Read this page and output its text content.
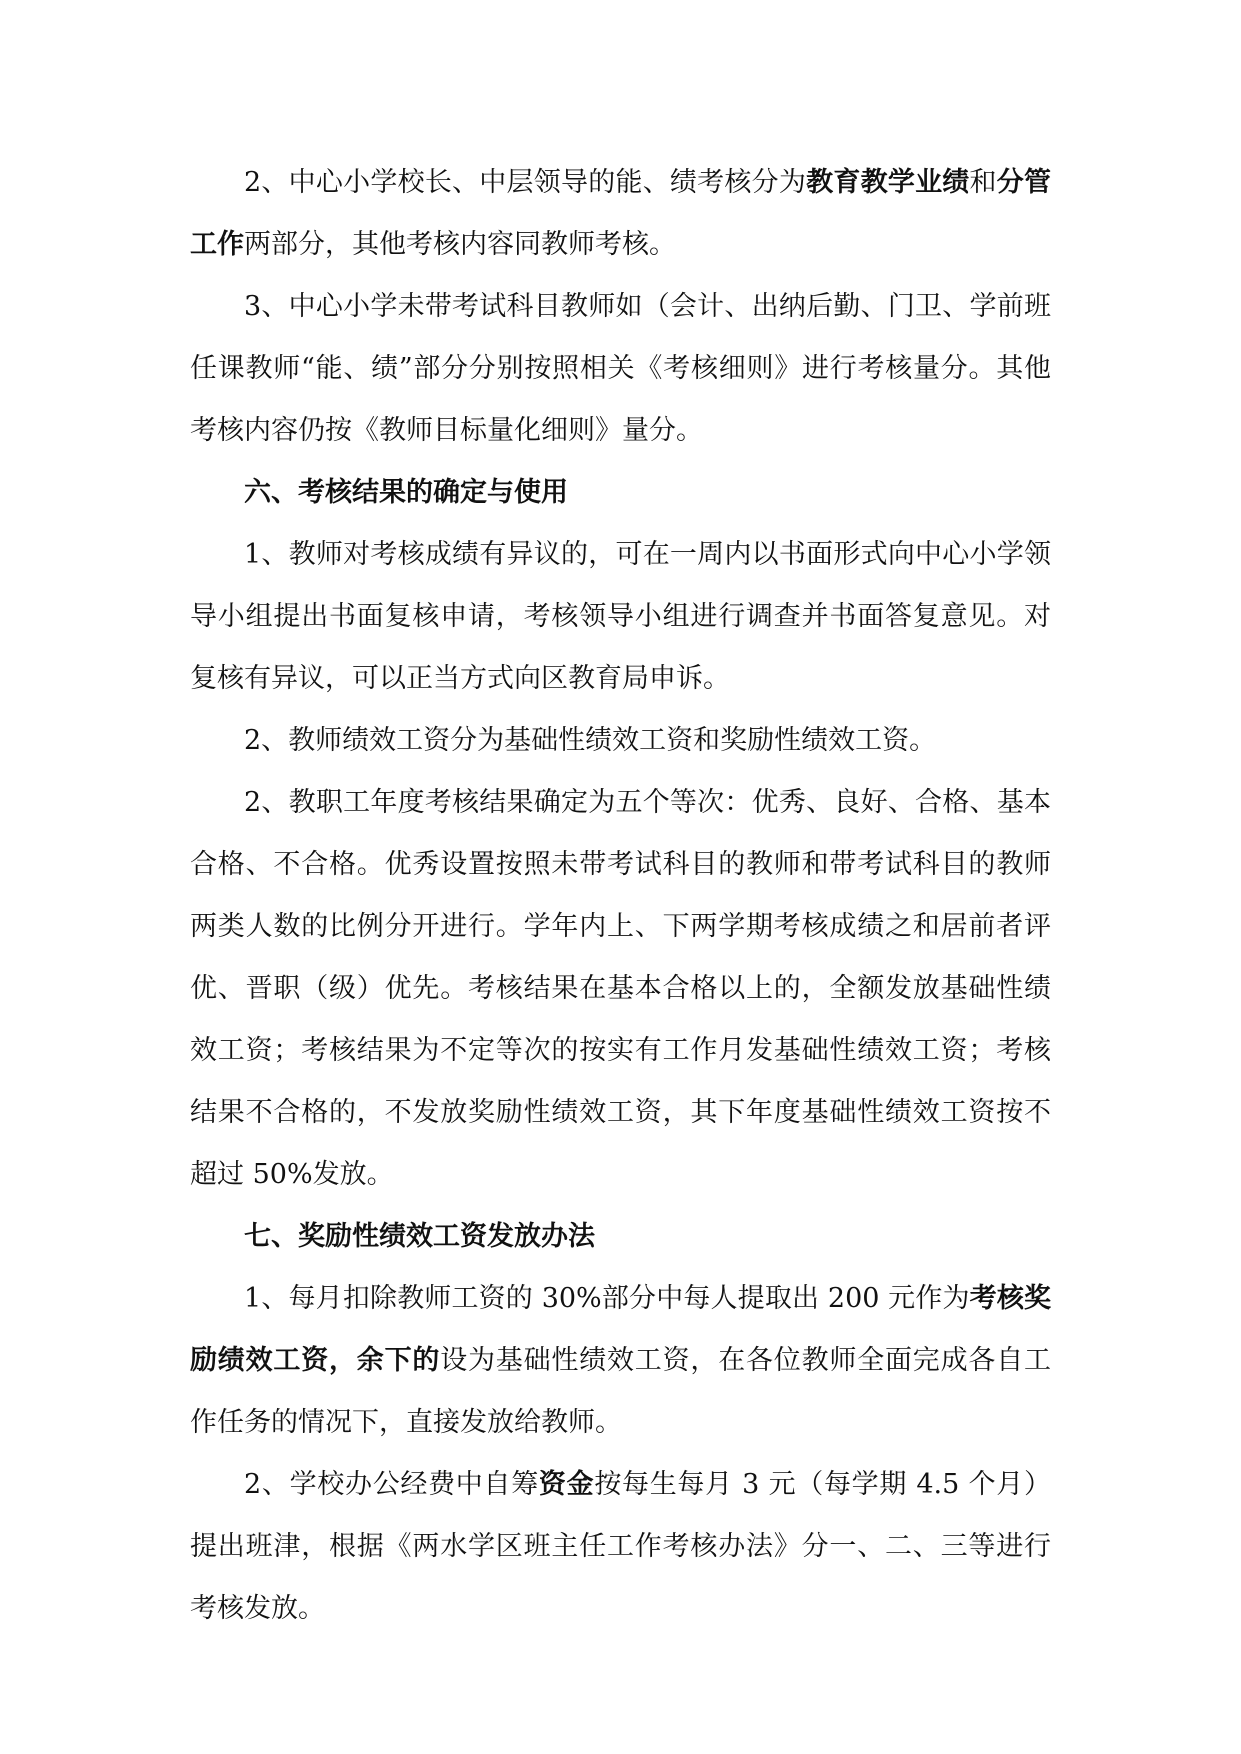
2、中心小学校长、中层领导的能、绩考核分为教育教学业绩和分管工作两部分，其他考核内容同教师考核。

3、中心小学未带考试科目教师如（会计、出纳后勤、门卫、学前班任课教师“能、绩”部分分别按照相关《考核细则》进行考核量分。其他考核内容仍按《教师目标量化细则》量分。

六、考核结果的确定与使用

1、教师对考核成绩有异议的，可在一周内以书面形式向中心小学领导小组提出书面复核申请，考核领导小组进行调查并书面答复意见。对复核有异议，可以正当方式向区教育局申诉。

2、教师绩效工资分为基础性绩效工资和奖励性绩效工资。

2、教职工年度考核结果确定为五个等次：优秀、良好、合格、基本合格、不合格。优秀设置按照未带考试科目的教师和带考试科目的教师两类人数的比例分开进行。学年内上、下两学期考核成绩之和居前者评优、晋职（级）优先。考核结果在基本合格以上的，全额发放基础性绩效工资；考核结果为不定等次的按实有工作月发基础性绩效工资；考核结果不合格的，不发放奖励性绩效工资，其下年度基础性绩效工资按不超过 50%发放。

七、奖励性绩效工资发放办法

1、每月扣除教师工资的 30%部分中每人提取出 200 元作为考核奖励绩效工资，余下的设为基础性绩效工资，在各位教师全面完成各自工作任务的情况下，直接发放给教师。

2、学校办公经费中自筹资金按每生每月 3 元（每学期 4.5 个月）提出班津，根据《两水学区班主任工作考核办法》分一、二、三等进行考核发放。
